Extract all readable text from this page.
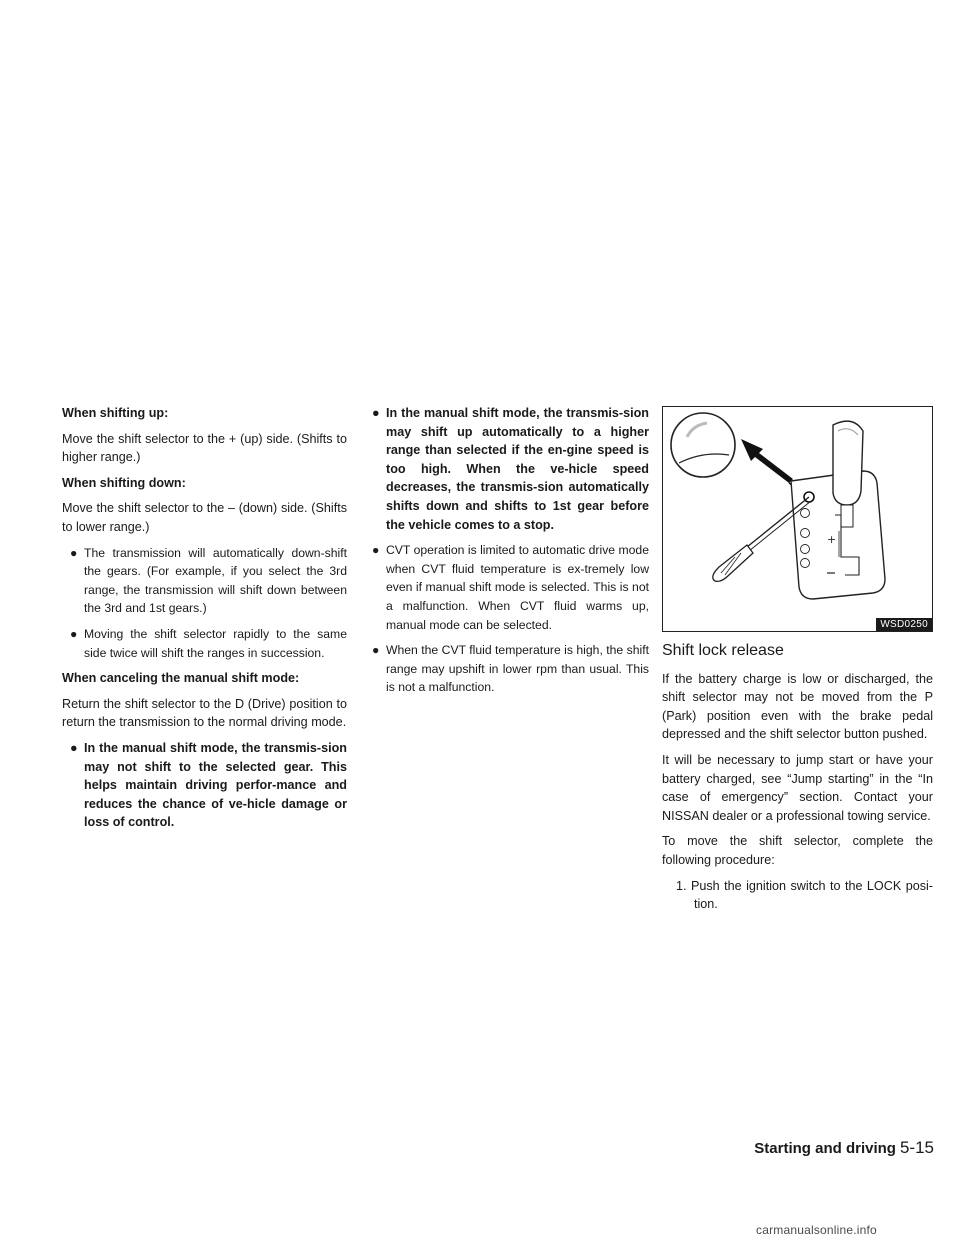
When shifting up:

Move the shift selector to the + (up) side. (Shifts to higher range.)

When shifting down:

Move the shift selector to the – (down) side. (Shifts to lower range.)

● The transmission will automatically down-shift the gears. (For example, if you select the 3rd range, the transmission will shift down between the 3rd and 1st gears.)
● Moving the shift selector rapidly to the same side twice will shift the ranges in succession.

When canceling the manual shift mode:

Return the shift selector to the D (Drive) position to return the transmission to the normal driving mode.

● In the manual shift mode, the transmis-sion may not shift to the selected gear. This helps maintain driving perfor-mance and reduces the chance of ve-hicle damage or loss of control.
● In the manual shift mode, the transmis-sion may shift up automatically to a higher range than selected if the en-gine speed is too high. When the ve-hicle speed decreases, the transmis-sion automatically shifts down and shifts to 1st gear before the vehicle comes to a stop.
● CVT operation is limited to automatic drive mode when CVT fluid temperature is ex-tremely low even if manual shift mode is selected. This is not a malfunction. When CVT fluid warms up, manual mode can be selected.
● When the CVT fluid temperature is high, the shift range may upshift in lower rpm than usual. This is not a malfunction.
+
WSD0250
Shift lock release

If the battery charge is low or discharged, the shift selector may not be moved from the P (Park) position even with the brake pedal depressed and the shift selector button pushed.

It will be necessary to jump start or have your battery charged, see “Jump starting” in the “In case of emergency” section. Contact your NISSAN dealer or a professional towing service.

To move the shift selector, complete the following procedure:

1. Push the ignition switch to the LOCK posi-tion.

Starting and driving 5-15
carmanualsonline.info
